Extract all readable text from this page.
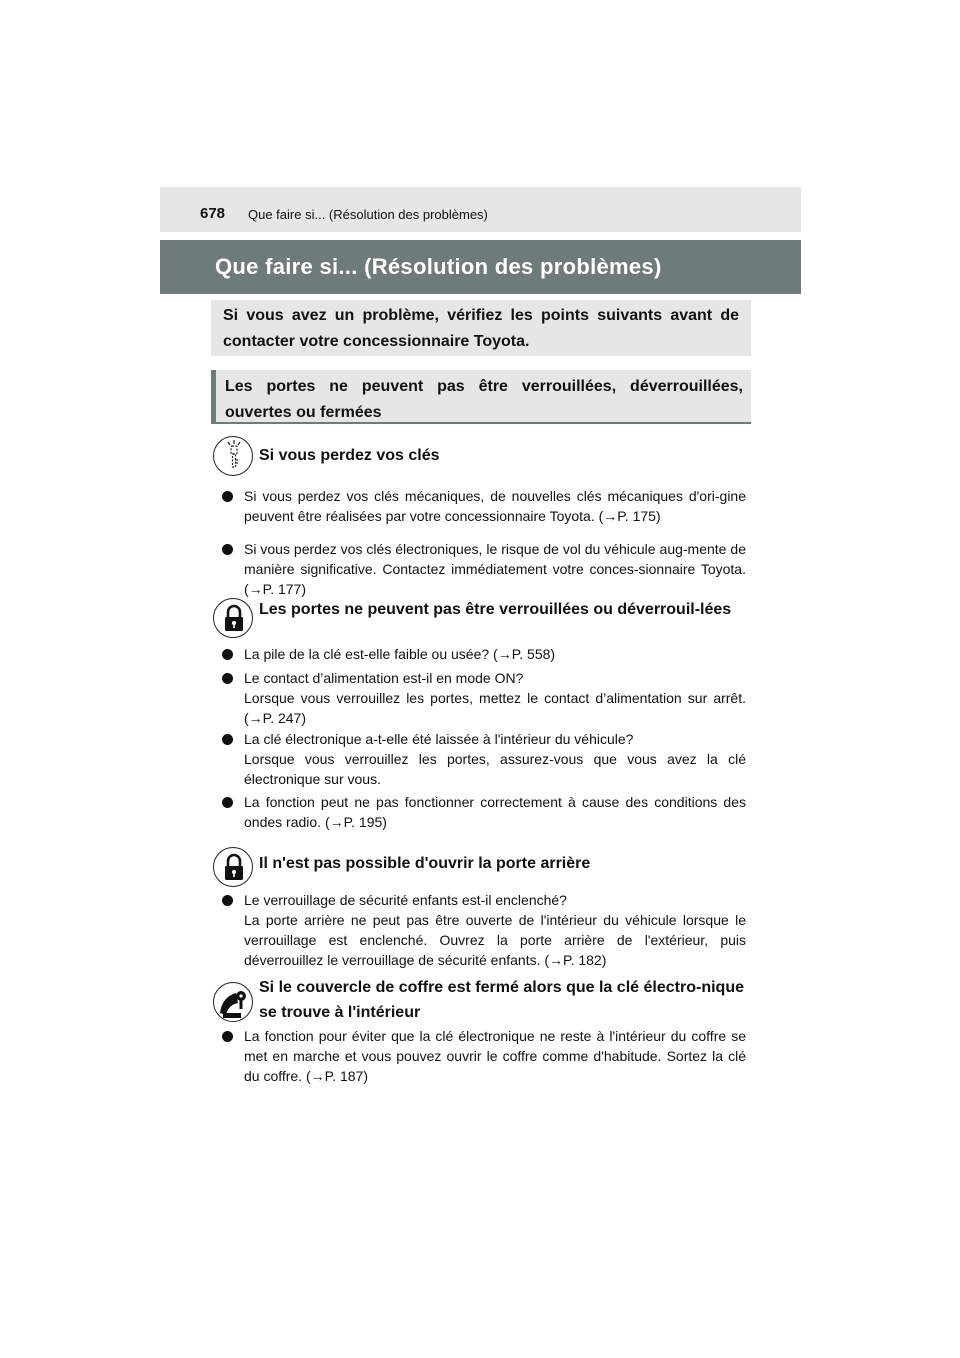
678 Que faire si... (Résolution des problèmes)
Que faire si... (Résolution des problèmes)
Si vous avez un problème, vérifiez les points suivants avant de contacter votre concessionnaire Toyota.
Les portes ne peuvent pas être verrouillées, déverrouillées, ouvertes ou fermées
Si vous perdez vos clés
Si vous perdez vos clés mécaniques, de nouvelles clés mécaniques d'ori-gine peuvent être réalisées par votre concessionnaire Toyota. (→P. 175)
Si vous perdez vos clés électroniques, le risque de vol du véhicule aug-mente de manière significative. Contactez immédiatement votre conces-sionnaire Toyota. (→P. 177)
Les portes ne peuvent pas être verrouillées ou déverrouil-lées
La pile de la clé est-elle faible ou usée? (→P. 558)
Le contact d’alimentation est-il en mode ON?
Lorsque vous verrouillez les portes, mettez le contact d’alimentation sur arrêt. (→P. 247)
La clé électronique a-t-elle été laissée à l'intérieur du véhicule?
Lorsque vous verrouillez les portes, assurez-vous que vous avez la clé électronique sur vous.
La fonction peut ne pas fonctionner correctement à cause des conditions des ondes radio. (→P. 195)
Il n'est pas possible d'ouvrir la porte arrière
Le verrouillage de sécurité enfants est-il enclenché?
La porte arrière ne peut pas être ouverte de l'intérieur du véhicule lorsque le verrouillage est enclenché. Ouvrez la porte arrière de l'extérieur, puis déverrouillez le verrouillage de sécurité enfants. (→P. 182)
Si le couvercle de coffre est fermé alors que la clé électro-nique se trouve à l'intérieur
La fonction pour éviter que la clé électronique ne reste à l'intérieur du coffre se met en marche et vous pouvez ouvrir le coffre comme d'habitude. Sortez la clé du coffre. (→P. 187)
